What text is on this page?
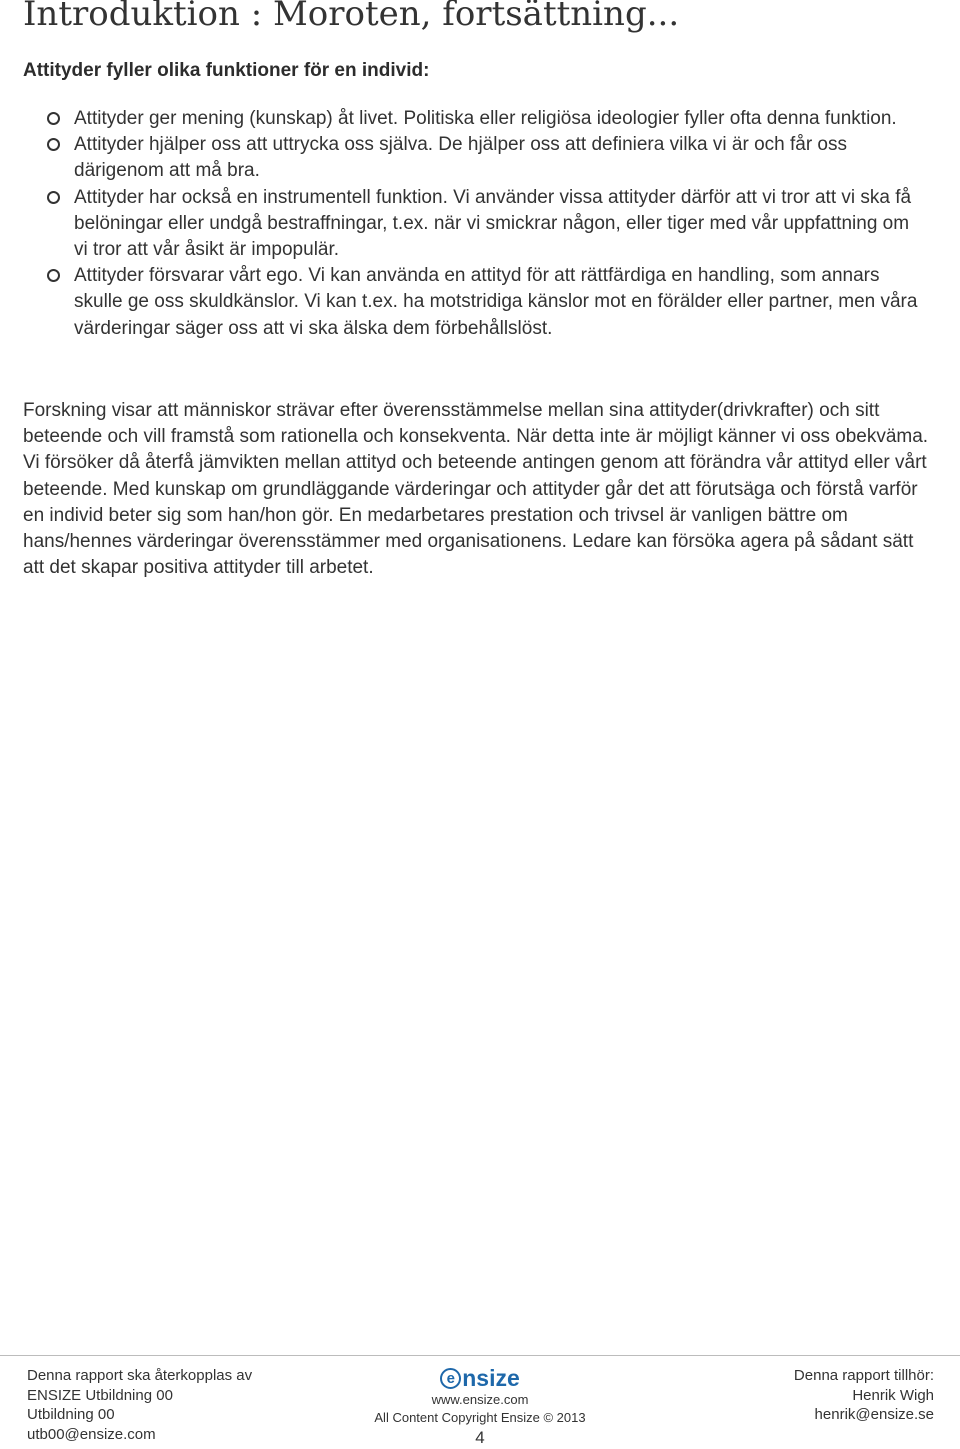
Introduktion : Moroten, fortsättning...
Attityder fyller olika funktioner för en individ:
Attityder ger mening (kunskap) åt livet. Politiska eller religiösa ideologier fyller ofta denna funktion.
Attityder hjälper oss att uttrycka oss själva. De hjälper oss att definiera vilka vi är och får oss därigenom att må bra.
Attityder har också en instrumentell funktion. Vi använder vissa attityder därför att vi tror att vi ska få belöningar eller undgå bestraffningar, t.ex. när vi smickrar någon, eller tiger med vår uppfattning om vi tror att vår åsikt är impopulär.
Attityder försvarar vårt ego. Vi kan använda en attityd för att rättfärdiga en handling, som annars skulle ge oss skuldkänslor. Vi kan t.ex. ha motstridiga känslor mot en förälder eller partner, men våra värderingar säger oss att vi ska älska dem förbehållslöst.

Forskning visar att människor strävar efter överensstämmelse mellan sina attityder(drivkrafter) och sitt beteende och vill framstå som rationella och konsekventa. När detta inte är möjligt känner vi oss obekväma. Vi försöker då återfå jämvikten mellan attityd och beteende antingen genom att förändra vår attityd eller vårt beteende. Med kunskap om grundläggande värderingar och attityder går det att förutsäga och förstå varför en individ beter sig som han/hon gör. En medarbetares prestation och trivsel är vanligen bättre om hans/hennes värderingar överensstämmer med organisationens. Ledare kan försöka agera på sådant sätt att det skapar positiva attityder till arbetet.

Denna rapport ska återkopplas av
ENSIZE Utbildning 00
Utbildning 00
utb00@ensize.com
e nsize
www.ensize.com
All Content Copyright Ensize © 2013
4
Denna rapport tillhör:
Henrik Wigh
henrik@ensize.se
